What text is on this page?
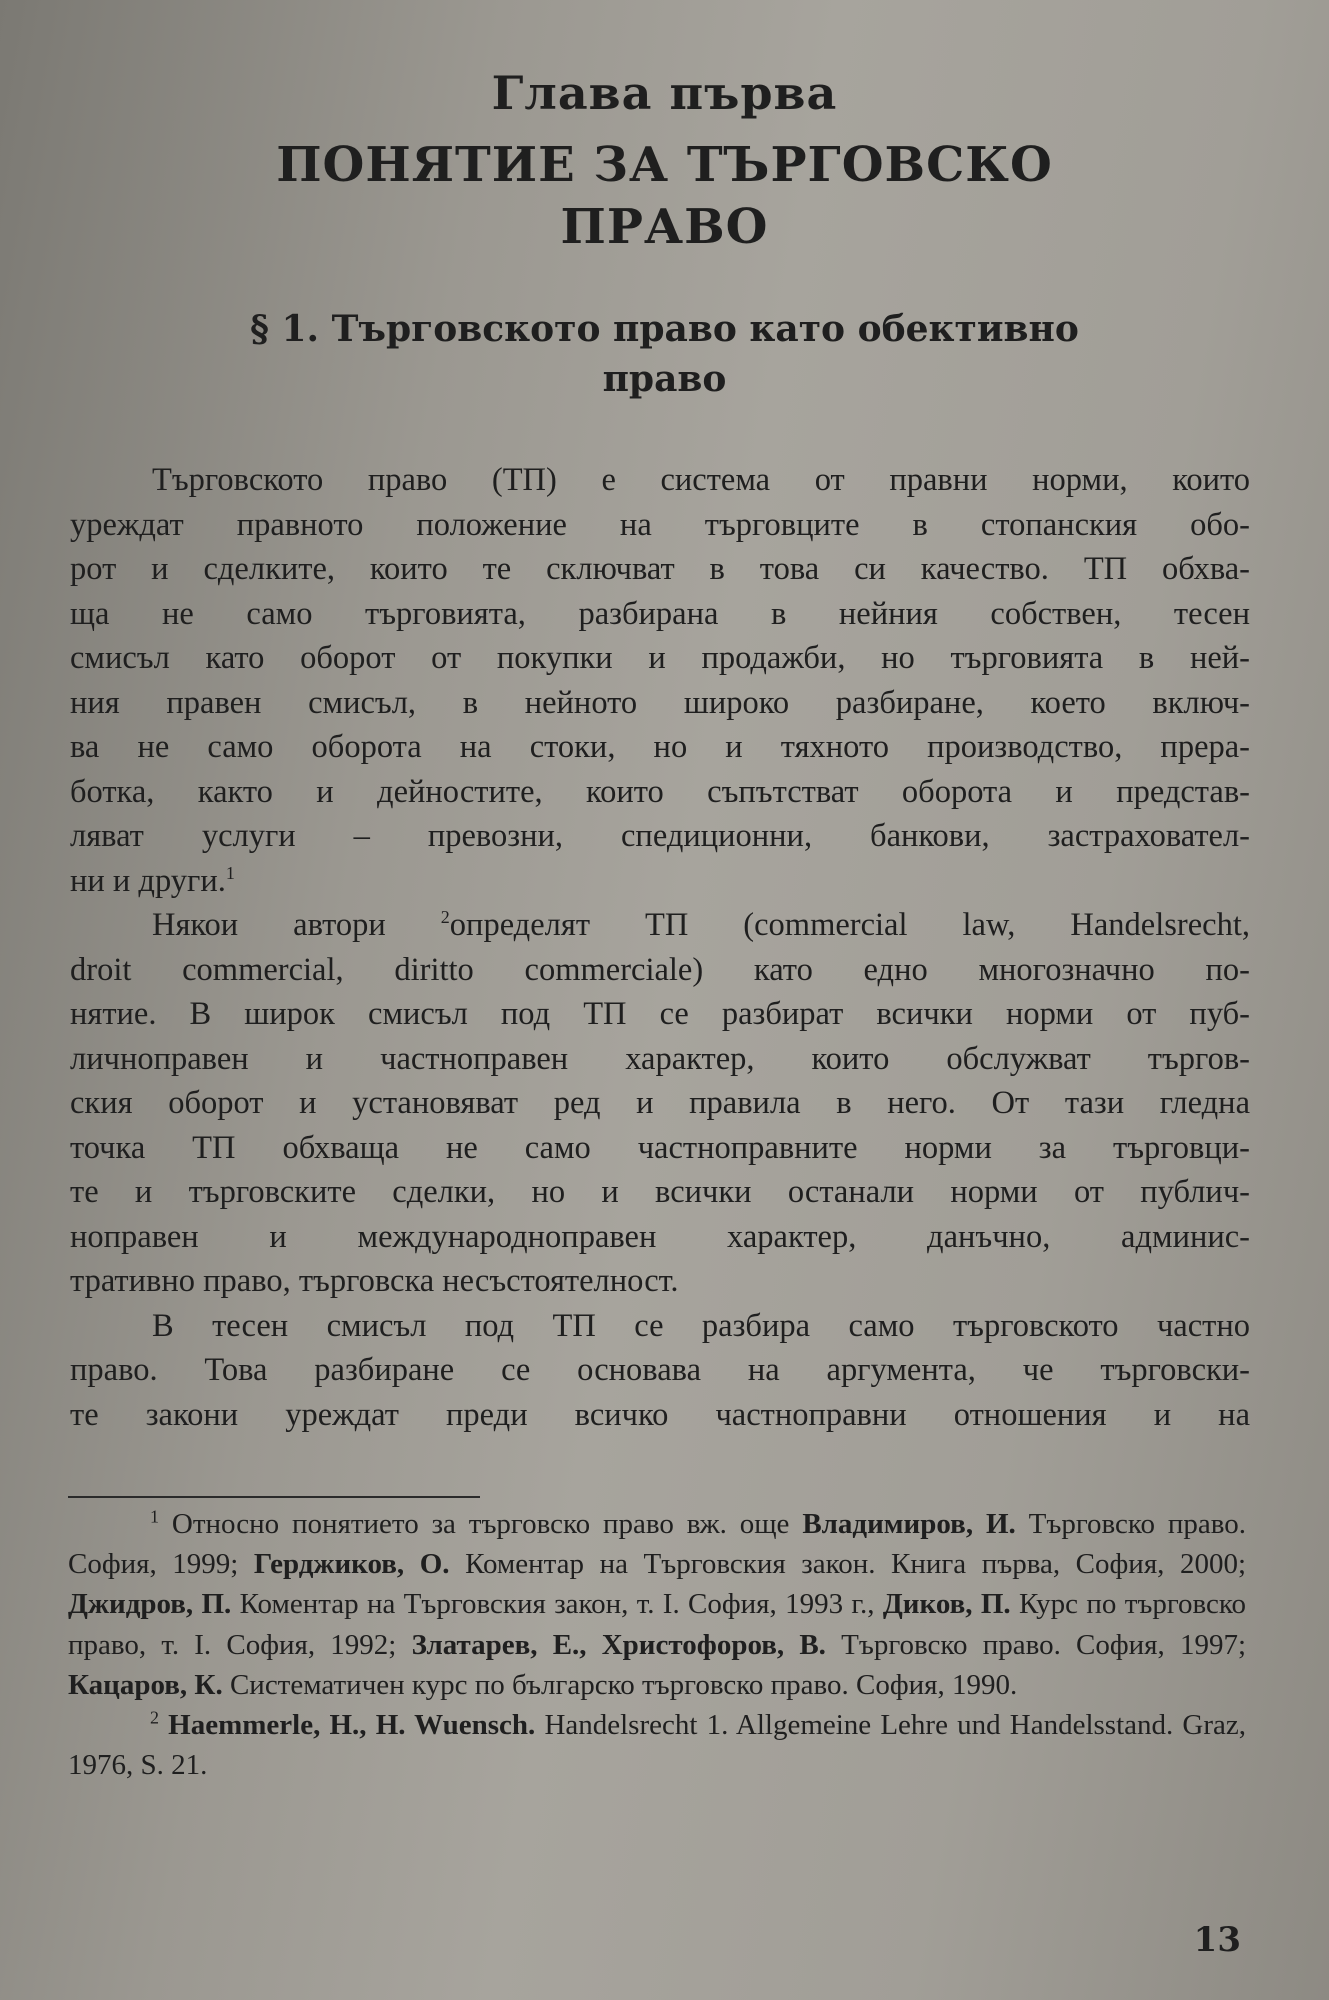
Глава първа
ПОНЯТИЕ ЗА ТЪРГОВСКО
ПРАВО
§ 1. Търговското право като обективно
право
Търговското право (ТП) е система от правни норми, които
уреждат правното положение на търговците в стопанския обо-
рот и сделките, които те сключват в това си качество. ТП обхва-
ща не само търговията, разбирана в нейния собствен, тесен
смисъл като оборот от покупки и продажби, но търговията в ней-
ния правен смисъл, в нейното широко разбиране, което включ-
ва не само оборота на стоки, но и тяхното производство, прера-
ботка, както и дейностите, които съпътстват оборота и представ-
ляват услуги – превозни, спедиционни, банкови, застраховател-
ни и други.$^1$
Някои автори	$^2$определят ТП (commercial law, Handelsrecht,
droit commercial, diritto commerciale) като едно многозначно по-
нятие. В широк смисъл под ТП се разбират всички норми от пуб-
личноправен и частноправен характер, които обслужват търгов-
ския оборот и установяват ред и правила в него. От тази гледна
точка ТП обхваща не само частноправните норми за търговци-
те и търговските сделки, но и всички останали норми от публич-
ноправен и международноправен характер, данъчно, админис-
тративно право, търговска несъстоятелност.
В тесен смисъл под ТП се разбира само търговското частно
право. Това разбиране се основава на аргумента, че търговски-
те закони уреждат преди всичко частноправни отношения и на
$^1$ Относно понятието за търговско право вж. още Владимиров, И. Търговско право. София, 1999; Герджиков, О. Коментар на Търговския закон. Книга първа, София, 2000; Джидров, П. Коментар на Търговския закон, т. I. София, 1993 г., Диков, П. Курс по търговско право, т. I. София, 1992; Златарев, Е., Христофоров, В. Търговско право. София, 1997; Кацаров, К. Систематичен курс по българско търговско право. София, 1990.
$^2$ Haemmerle, H., H. Wuensch. Handelsrecht 1. Allgemeine Lehre und Handelsstand. Graz, 1976, S. 21.
13
